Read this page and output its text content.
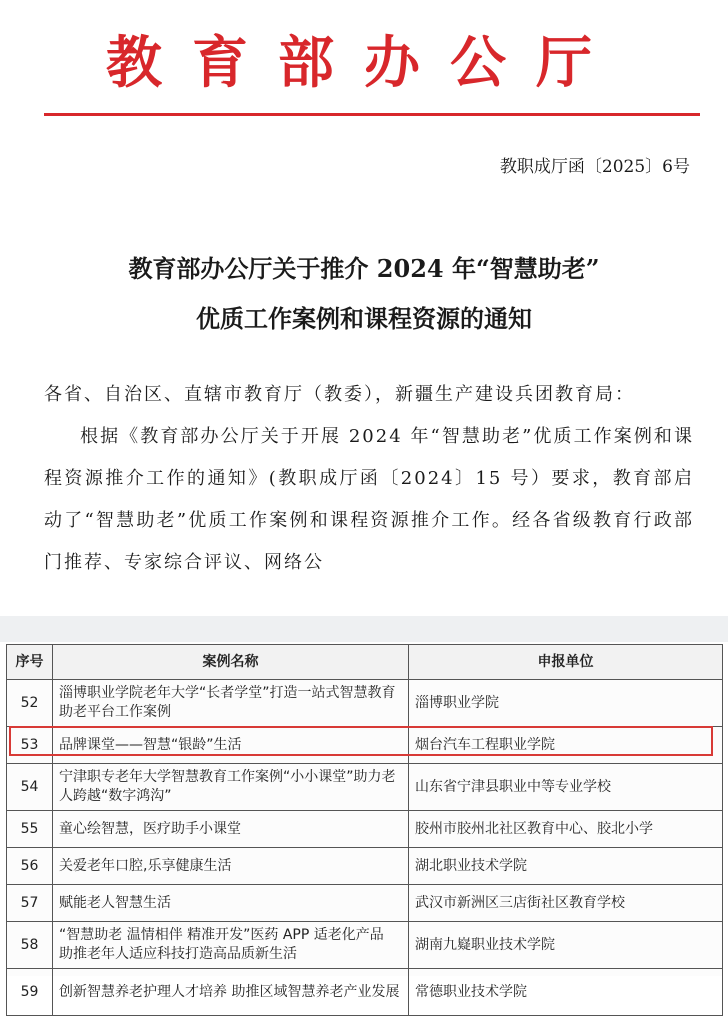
教育部办公厅
教职成厅函〔2025〕6号
教育部办公厅关于推介 2024 年“智慧助老”
优质工作案例和课程资源的通知

各省、自治区、直辖市教育厅（教委），新疆生产建设兵团教育局：

根据《教育部办公厅关于开展 2024 年“智慧助老”优质工作案例和课程资源推介工作的通知》(教职成厅函〔2024〕15 号）要求，教育部启动了“智慧助老”优质工作案例和课程资源推介工作。经各省级教育行政部门推荐、专家综合评议、网络公

序号	案例名称	申报单位
52	淄博职业学院老年大学“长者学堂”打造一站式智慧教育助老平台工作案例	淄博职业学院
53	品牌课堂——智慧“银龄”生活	烟台汽车工程职业学院
54	宁津职专老年大学智慧教育工作案例“小小课堂”助力老人跨越“数字鸿沟”	山东省宁津县职业中等专业学校
55	童心绘智慧，医疗助手小课堂	胶州市胶州北社区教育中心、胶北小学
56	关爱老年口腔,乐享健康生活	湖北职业技术学院
57	赋能老人智慧生活	武汉市新洲区三店街社区教育学校
58	“智慧助老 温情相伴 精准开发”医药 APP 适老化产品 助推老年人适应科技打造高品质新生活	湖南九嶷职业技术学院
59	创新智慧养老护理人才培养 助推区域智慧养老产业发展	常德职业技术学院
